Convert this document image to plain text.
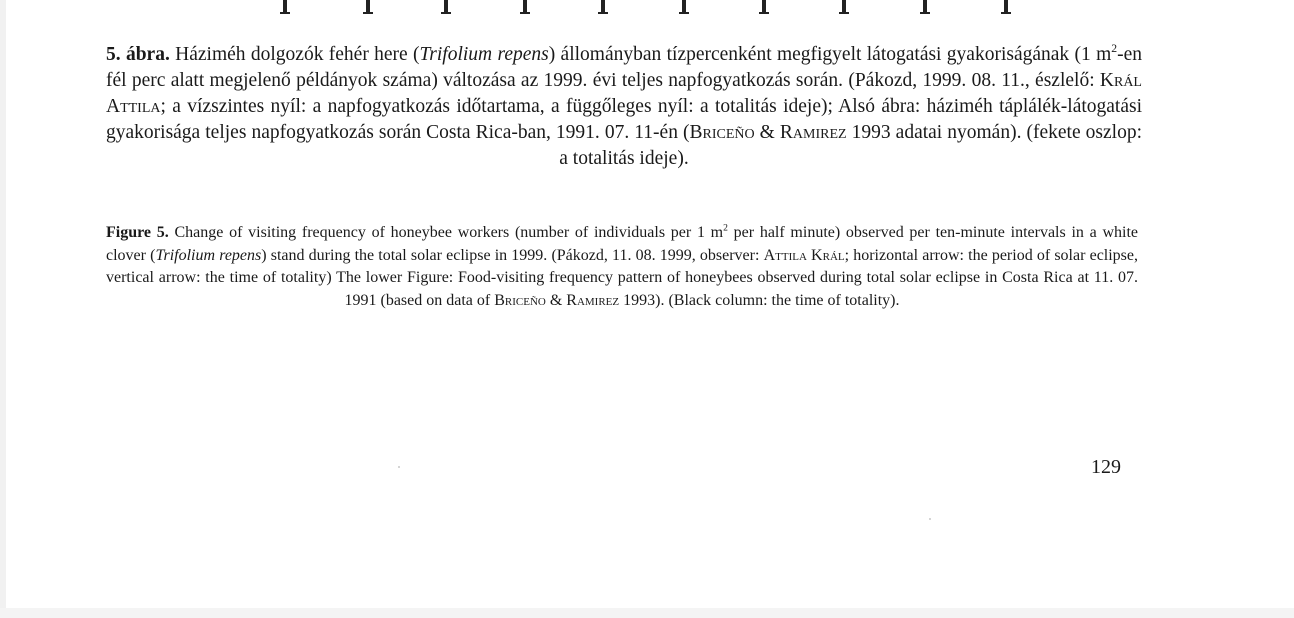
5. ábra. Háziméh dolgozók fehér here (Trifolium repens) állományban tízpercenként megfigyelt látogatási gyakoriságának (1 $m^2-en$ fél perc alatt megjelenő példányok száma) változása az 1999. évi teljes napfogyatkozás során. (Pákozd, 1999. 08. 11., észlelő: Král Attila; a vízszintes nyíl: a napfogyatkozás időtartama, a függőleges nyíl: a totalitás ideje); Alsó ábra: háziméh táplálék-látogatási gyakorisága teljes napfogyatkozás során Costa Rica-ban, 1991. 07. 11-én (Briceño & Ramirez 1993 adatai nyomán). (fekete oszlop: a totalitás ideje).
Figure 5. Change of visiting frequency of honeybee workers (number of individuals per 1 $m^2$ per half minute) observed per ten-minute intervals in a white clover (Trifolium repens) stand during the total solar eclipse in 1999. (Pákozd, 11. 08. 1999, observer: Attila Král; horizontal arrow: the period of solar eclipse, vertical arrow: the time of totality) The lower Figure: Food-visiting frequency pattern of honeybees observed during total solar eclipse in Costa Rica at 11. 07. 1991 (based on data of Briceño & Ramirez 1993). (Black column: the time of totality).
129
